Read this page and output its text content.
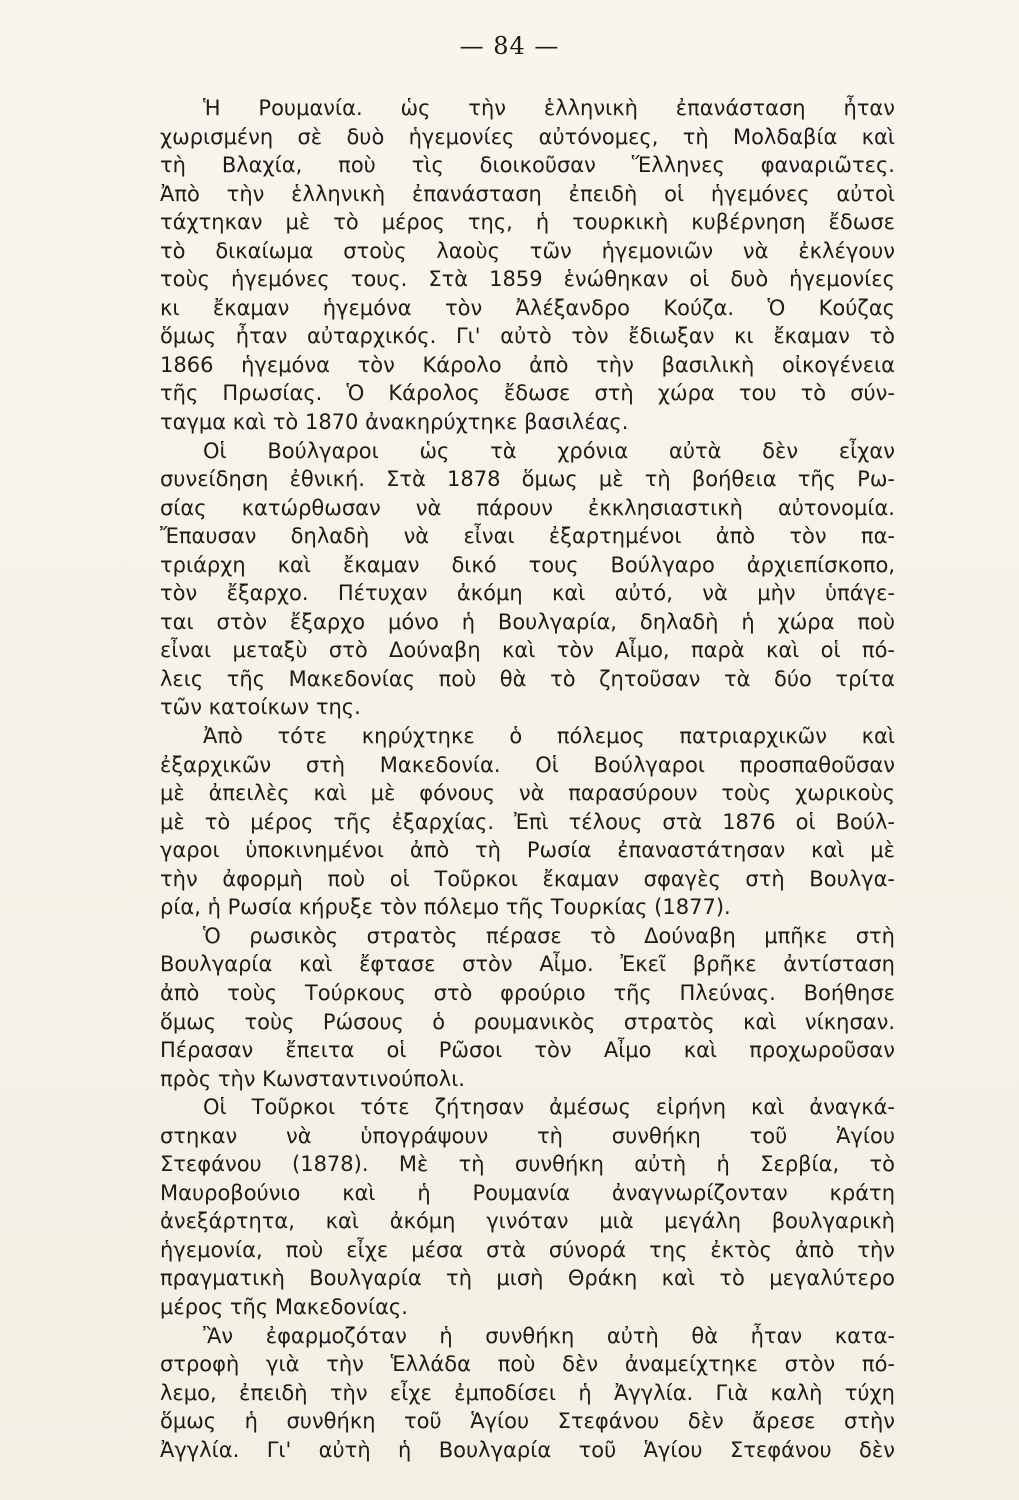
— 84 —
Ἡ Ρουμανία. ὡς τὴν ἑλληνικὴ ἐπανάσταση ἦταν
χωρισμένη σὲ δυὸ ἡγεμονίες αὐτόνομες, τὴ Μολδαβία καὶ
τὴ Βλαχία, ποὺ τὶς διοικοῦσαν Ἕλληνες φαναριῶτες.
Ἀπὸ τὴν ἑλληνικὴ ἐπανάσταση ἐπειδὴ οἱ ἡγεμόνες αὐτοὶ
τάχτηκαν μὲ τὸ μέρος της, ἡ τουρκικὴ κυβέρνηση ἔδωσε
τὸ δικαίωμα στοὺς λαοὺς τῶν ἡγεμονιῶν νὰ ἐκλέγουν
τοὺς ἡγεμόνες τους. Στὰ 1859 ἑνώθηκαν οἱ δυὸ ἡγεμονίες
κι ἔκαμαν ἡγεμόνα τὸν Ἀλέξανδρο Κούζα. Ὁ Κούζας
ὅμως ἦταν αὐταρχικός. Γι' αὐτὸ τὸν ἔδιωξαν κι ἔκαμαν τὸ
1866 ἡγεμόνα τὸν Κάρολο ἀπὸ τὴν βασιλικὴ οἰκογένεια
τῆς Πρωσίας. Ὁ Κάρολος ἔδωσε στὴ χώρα του τὸ σύν-
ταγμα καὶ τὸ 1870 ἀνακηρύχτηκε βασιλέας.
Οἱ Βούλγαροι ὡς τὰ χρόνια αὐτὰ δὲν εἶχαν
συνείδηση ἐθνική. Στὰ 1878 ὅμως μὲ τὴ βοήθεια τῆς Ρω-
σίας κατώρθωσαν νὰ πάρουν ἐκκλησιαστικὴ αὐτονομία.
Ἔπαυσαν δηλαδὴ νὰ εἶναι ἐξαρτημένοι ἀπὸ τὸν πα-
τριάρχη καὶ ἔκαμαν δικό τους Βούλγαρο ἀρχιεπίσκοπο,
τὸν ἔξαρχο. Πέτυχαν ἀκόμη καὶ αὐτό, νὰ μὴν ὑπάγε-
ται στὸν ἔξαρχο μόνο ἡ Βουλγαρία, δηλαδὴ ἡ χώρα ποὺ
εἶναι μεταξὺ στὸ Δούναβη καὶ τὸν Αἶμο, παρὰ καὶ οἱ πό-
λεις τῆς Μακεδονίας ποὺ θὰ τὸ ζητοῦσαν τὰ δύο τρίτα
τῶν κατοίκων της.
Ἀπὸ τότε κηρύχτηκε ὁ πόλεμος πατριαρχικῶν καὶ
ἐξαρχικῶν στὴ Μακεδονία. Οἱ Βούλγαροι προσπαθοῦσαν
μὲ ἀπειλὲς καὶ μὲ φόνους νὰ παρασύρουν τοὺς χωρικοὺς
μὲ τὸ μέρος τῆς ἐξαρχίας. Ἐπὶ τέλους στὰ 1876 οἱ Βούλ-
γαροι ὑποκινημένοι ἀπὸ τὴ Ρωσία ἐπαναστάτησαν καὶ μὲ
τὴν ἀφορμὴ ποὺ οἱ Τοῦρκοι ἔκαμαν σφαγὲς στὴ Βουλγα-
ρία, ἡ Ρωσία κήρυξε τὸν πόλεμο τῆς Τουρκίας (1877).
Ὁ ρωσικὸς στρατὸς πέρασε τὸ Δούναβη μπῆκε στὴ
Βουλγαρία καὶ ἔφτασε στὸν Αἶμο. Ἐκεῖ βρῆκε ἀντίσταση
ἀπὸ τοὺς Τούρκους στὸ φρούριο τῆς Πλεύνας. Βοήθησε
ὅμως τοὺς Ρώσους ὁ ρουμανικὸς στρατὸς καὶ νίκησαν.
Πέρασαν ἔπειτα οἱ Ρῶσοι τὸν Αἶμο καὶ προχωροῦσαν
πρὸς τὴν Κωνσταντινούπολι.
Οἱ Τοῦρκοι τότε ζήτησαν ἀμέσως εἰρήνη καὶ ἀναγκά-
στηκαν νὰ ὑπογράψουν τὴ συνθήκη τοῦ Ἁγίου
Στεφάνου (1878). Μὲ τὴ συνθήκη αὐτὴ ἡ Σερβία, τὸ
Μαυροβούνιο καὶ ἡ Ρουμανία ἀναγνωρίζονταν κράτη
ἀνεξάρτητα, καὶ ἀκόμη γινόταν μιὰ μεγάλη βουλγαρικὴ
ἡγεμονία, ποὺ εἶχε μέσα στὰ σύνορά της ἐκτὸς ἀπὸ τὴν
πραγματικὴ Βουλγαρία τὴ μισὴ Θράκη καὶ τὸ μεγαλύτερο
μέρος τῆς Μακεδονίας.
Ἂν ἐφαρμοζόταν ἡ συνθήκη αὐτὴ θὰ ἦταν κατα-
στροφὴ γιὰ τὴν Ἑλλάδα ποὺ δὲν ἀναμείχτηκε στὸν πό-
λεμο, ἐπειδὴ τὴν εἶχε ἐμποδίσει ἡ Ἀγγλία. Γιὰ καλὴ τύχη
ὅμως ἡ συνθήκη τοῦ Ἁγίου Στεφάνου δὲν ἄρεσε στὴν
Ἀγγλία. Γι' αὐτὴ ἡ Βουλγαρία τοῦ Ἁγίου Στεφάνου δὲν
